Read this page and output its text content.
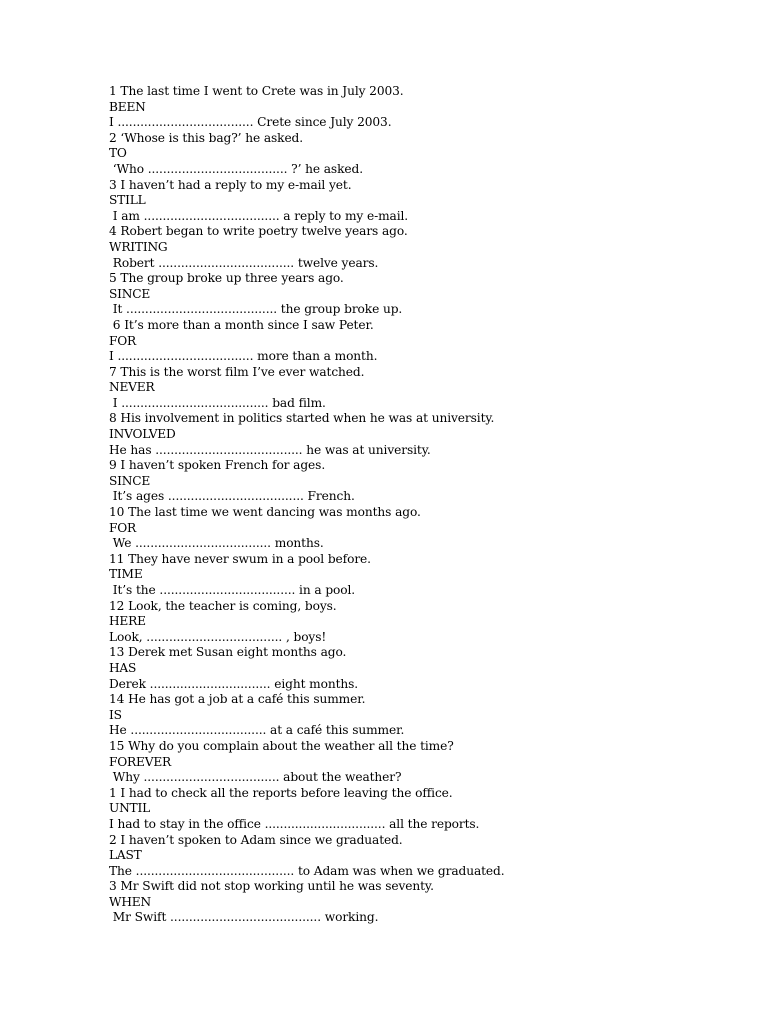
1 The last time I went to Crete was in July 2003.
BEEN
I .................................... Crete since July 2003.
2 ‘Whose is this bag?’ he asked.
TO
‘Who ..................................... ?’ he asked.
3 I haven’t had a reply to my e-mail yet.
STILL
I am .................................... a reply to my e-mail.
4 Robert began to write poetry twelve years ago.
WRITING
Robert .................................... twelve years.
5 The group broke up three years ago.
SINCE
It ........................................ the group broke up.
6 It’s more than a month since I saw Peter.
FOR
I .................................... more than a month.
7 This is the worst film I’ve ever watched.
NEVER
I ....................................... bad film.
8 His involvement in politics started when he was at university.
INVOLVED
He has ....................................... he was at university.
9 I haven’t spoken French for ages.
SINCE
It’s ages .................................... French.
10 The last time we went dancing was months ago.
FOR
We .................................... months.
11 They have never swum in a pool before.
TIME
It’s the .................................... in a pool.
12 Look, the teacher is coming, boys.
HERE
Look, .................................... , boys!
13 Derek met Susan eight months ago.
HAS
Derek ................................ eight months.
14 He has got a job at a café this summer.
IS
He .................................... at a café this summer.
15 Why do you complain about the weather all the time?
FOREVER
Why .................................... about the weather?
1 I had to check all the reports before leaving the office.
UNTIL
I had to stay in the office ................................ all the reports.
2 I haven’t spoken to Adam since we graduated.
LAST
The .......................................... to Adam was when we graduated.
3 Mr Swift did not stop working until he was seventy.
WHEN
Mr Swift ........................................ working.
